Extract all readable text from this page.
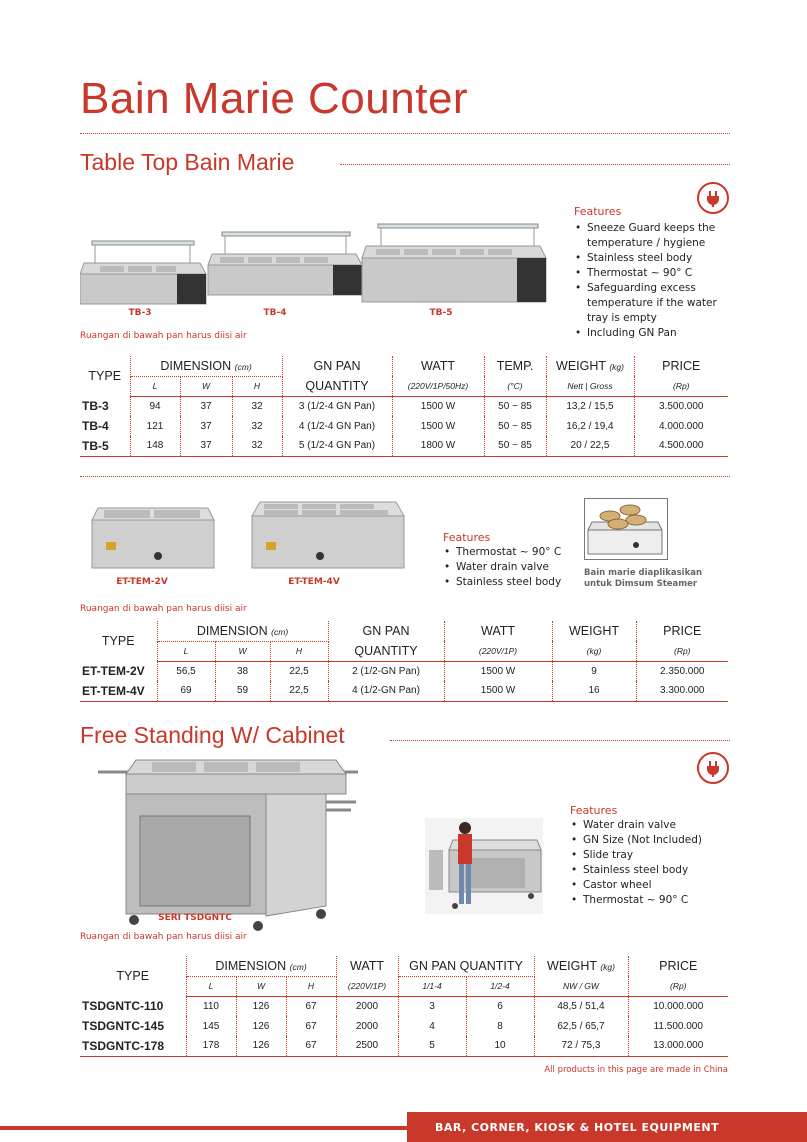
Bain Marie Counter
Table Top Bain Marie
TB-3	TB-4	TB-5
Ruangan di bawah pan harus diisi air
Features
• Sneeze Guard keeps the temperature / hygiene
• Stainless steel body
• Thermostat ~ 90° C
• Safeguarding excess temperature if the water tray is empty
• Including GN Pan
TYPE	DIMENSION (cm)			GN PAN	WATT	TEMP.	WEIGHT (kg)	PRICE
	L	W	H	QUANTITY	(220V/1P/50Hz)	(°C)	Nett | Gross	(Rp)
TB-3	94	37	32	3 (1/2-4 GN Pan)	1500 W	50 ~ 85	13,2 / 15,5	3.500.000
TB-4	121	37	32	4 (1/2-4 GN Pan)	1500 W	50 ~ 85	16,2 / 19,4	4.000.000
TB-5	148	37	32	5 (1/2-4 GN Pan)	1800 W	50 ~ 85	20 / 22,5	4.500.000
ET-TEM-2V	ET-TEM-4V
Ruangan di bawah pan harus diisi air
Features
• Thermostat ~ 90° C
• Water drain valve
• Stainless steel body
Bain marie diaplikasikan
untuk Dimsum Steamer
TYPE	DIMENSION (cm)			GN PAN	WATT	WEIGHT	PRICE
	L	W	H	QUANTITY	(220V/1P)	(kg)	(Rp)
ET-TEM-2V	56,5	38	22,5	2 (1/2-GN Pan)	1500 W	9	2.350.000
ET-TEM-4V	69	59	22,5	4 (1/2-GN Pan)	1500 W	16	3.300.000
Free Standing W/ Cabinet
SERI TSDGNTC
Ruangan di bawah pan harus diisi air
Features
• Water drain valve
• GN Size (Not Included)
• Slide tray
• Stainless steel body
• Castor wheel
• Thermostat ~ 90° C
TYPE	DIMENSION (cm)			WATT	GN PAN QUANTITY		WEIGHT (kg)	PRICE
	L	W	H	(220V/1P)	1/1-4	1/2-4	NW / GW	(Rp)
TSDGNTC-110	110	126	67	2000	3	6	48,5 / 51,4	10.000.000
TSDGNTC-145	145	126	67	2000	4	8	62,5 / 65,7	11.500.000
TSDGNTC-178	178	126	67	2500	5	10	72 / 75,3	13.000.000
All products in this page are made in China
BAR, CORNER, KIOSK & HOTEL EQUIPMENT
